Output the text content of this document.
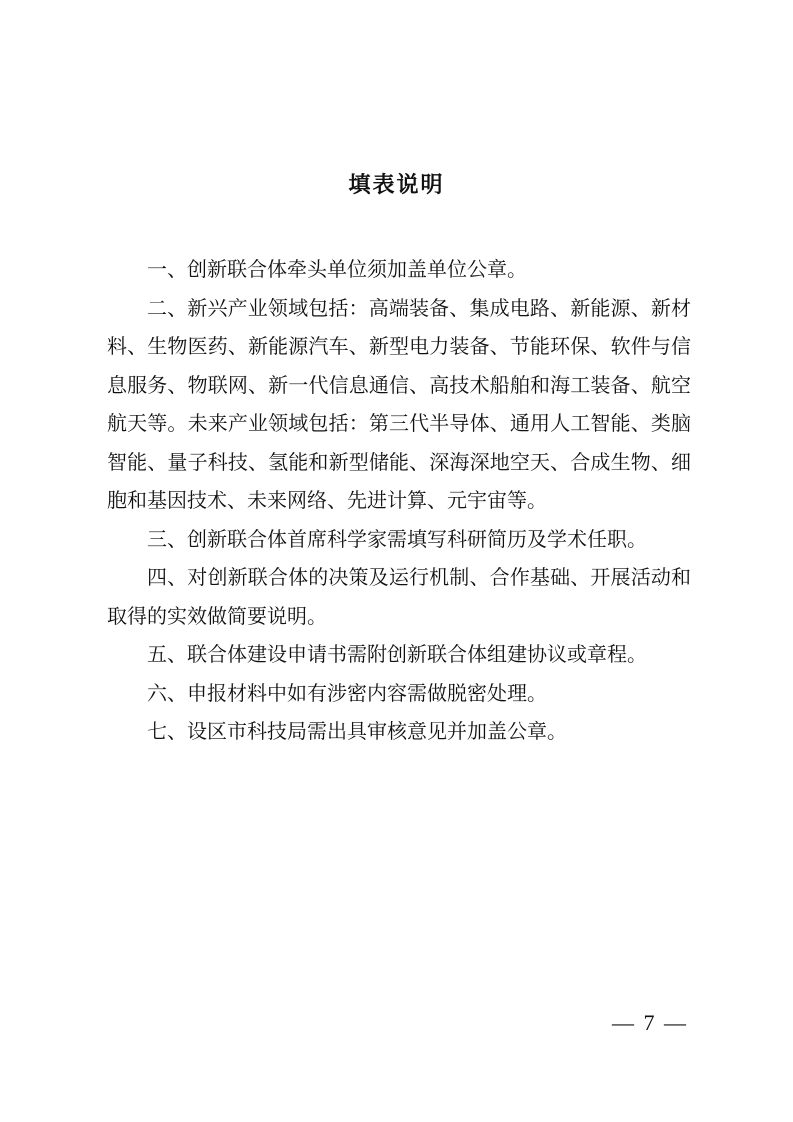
填表说明

一、创新联合体牵头单位须加盖单位公章。

二、新兴产业领域包括：高端装备、集成电路、新能源、新材料、生物医药、新能源汽车、新型电力装备、节能环保、软件与信息服务、物联网、新一代信息通信、高技术船舶和海工装备、航空航天等。未来产业领域包括：第三代半导体、通用人工智能、类脑智能、量子科技、氢能和新型储能、深海深地空天、合成生物、细胞和基因技术、未来网络、先进计算、元宇宙等。

三、创新联合体首席科学家需填写科研简历及学术任职。

四、对创新联合体的决策及运行机制、合作基础、开展活动和取得的实效做简要说明。

五、联合体建设申请书需附创新联合体组建协议或章程。

六、申报材料中如有涉密内容需做脱密处理。

七、设区市科技局需出具审核意见并加盖公章。

— 7 —
